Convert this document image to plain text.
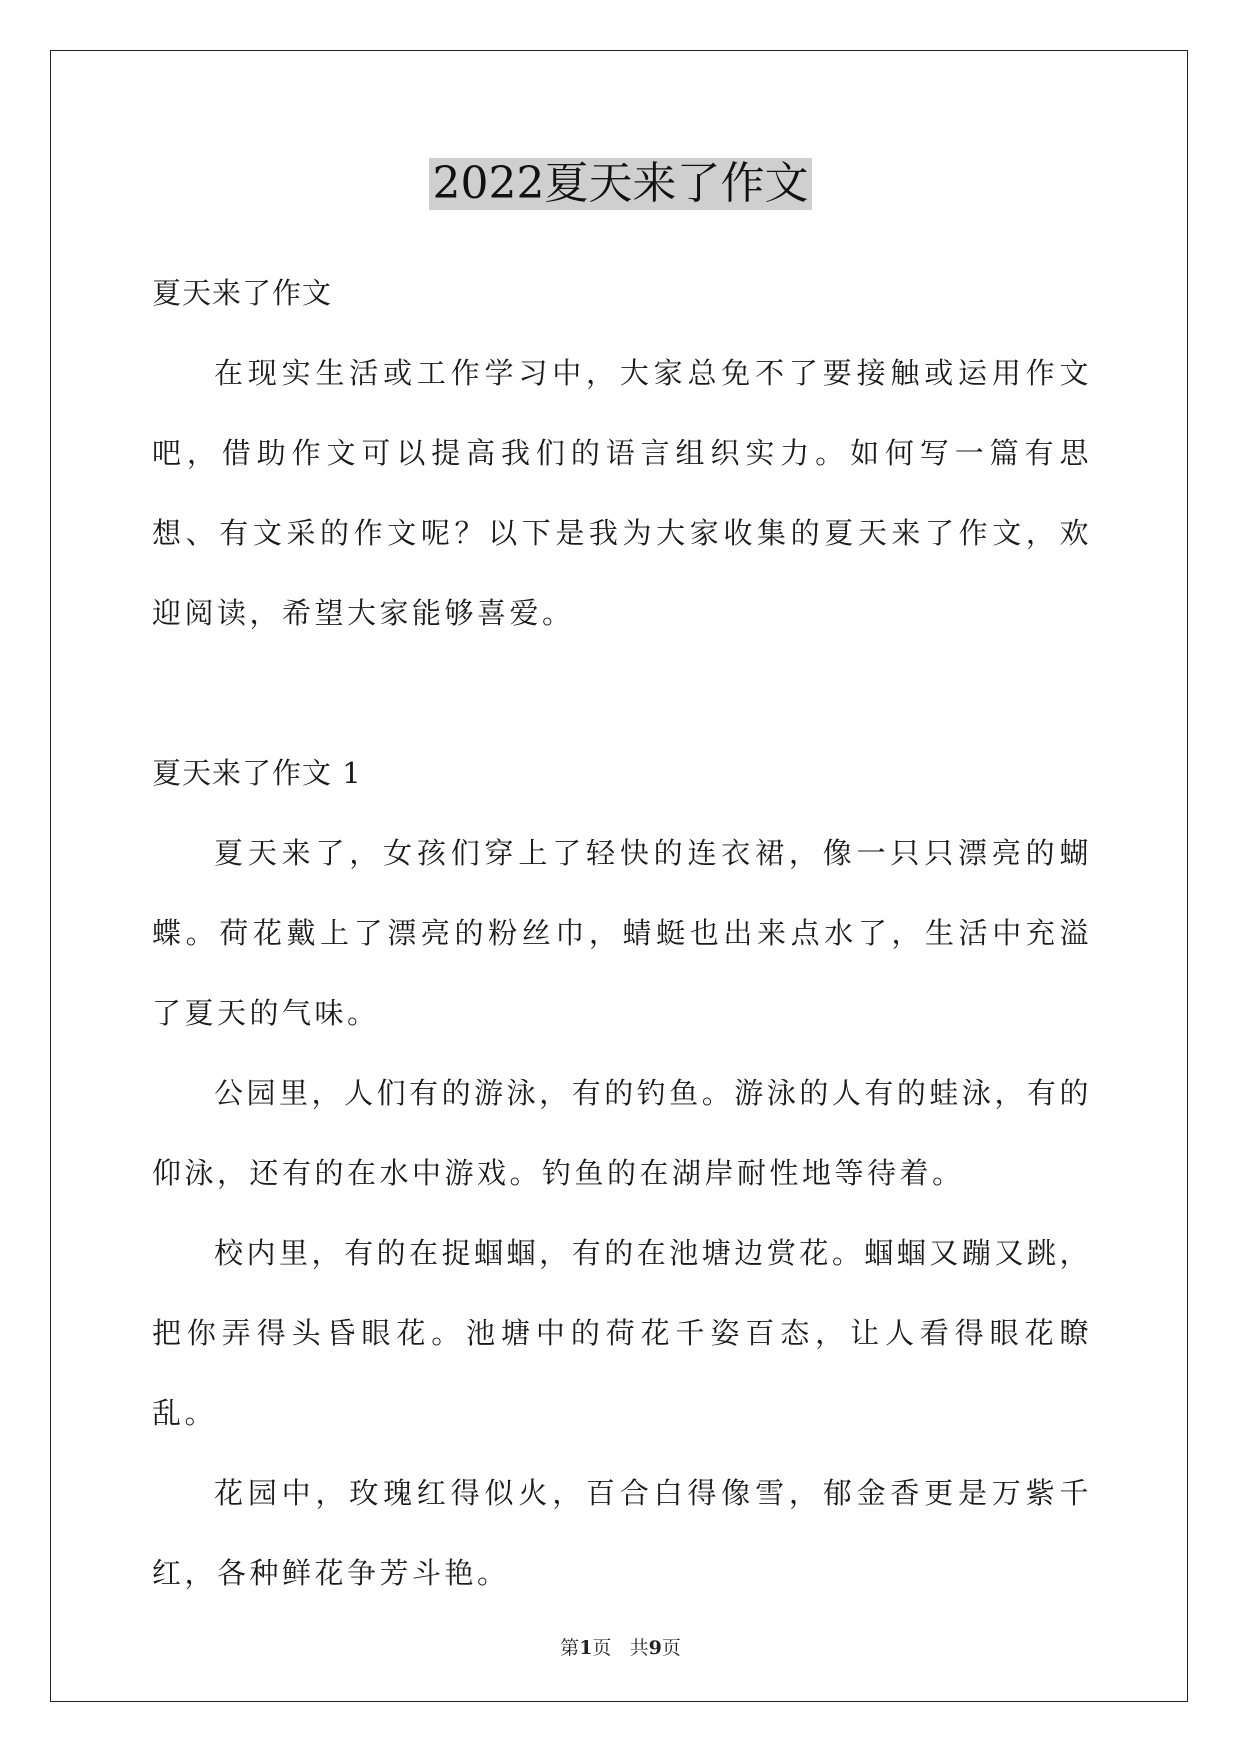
2022夏天来了作文

夏天来了作文

在现实生活或工作学习中，大家总免不了要接触或运用作文吧，借助作文可以提高我们的语言组织实力。如何写一篇有思想、有文采的作文呢？以下是我为大家收集的夏天来了作文，欢迎阅读，希望大家能够喜爱。

夏天来了作文 1

夏天来了，女孩们穿上了轻快的连衣裙，像一只只漂亮的蝴蝶。荷花戴上了漂亮的粉丝巾，蜻蜓也出来点水了，生活中充溢了夏天的气味。

公园里，人们有的游泳，有的钓鱼。游泳的人有的蛙泳，有的仰泳，还有的在水中游戏。钓鱼的在湖岸耐性地等待着。

校内里，有的在捉蝈蝈，有的在池塘边赏花。蝈蝈又蹦又跳，把你弄得头昏眼花。池塘中的荷花千姿百态，让人看得眼花瞭乱。

花园中，玫瑰红得似火，百合白得像雪，郁金香更是万紫千红，各种鲜花争芳斗艳。

第1页 共9页
